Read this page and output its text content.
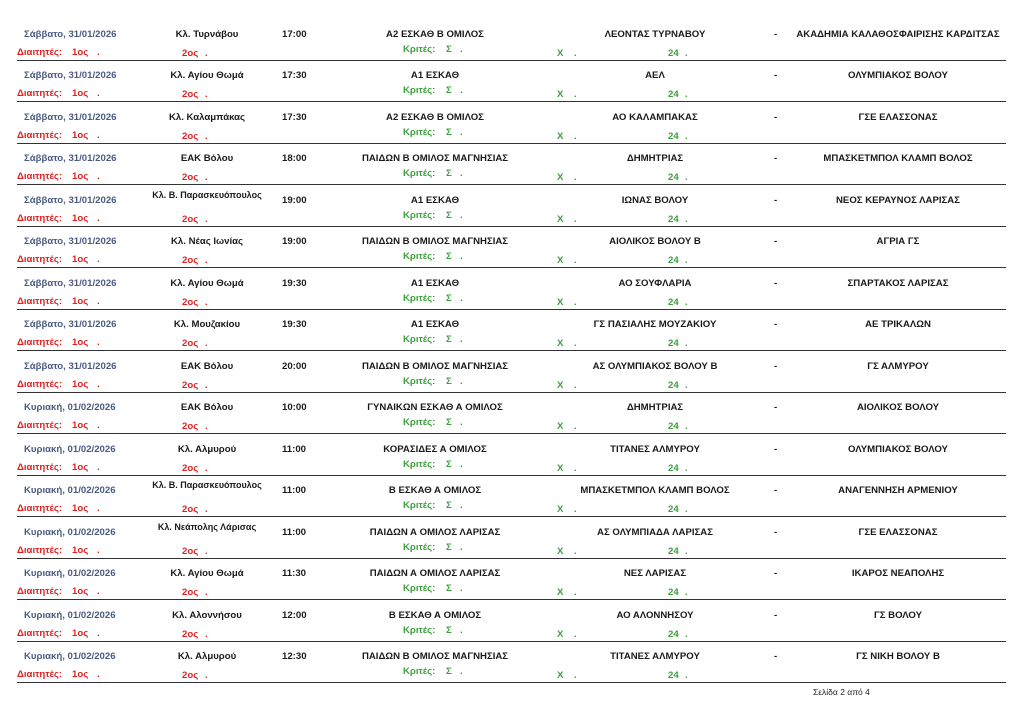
Σάββατο, 31/01/2026	Κλ. Τυρνάβου	17:00	Α2 ΕΣΚΑΘ Β ΟΜΙΛΟΣ	ΛΕΟΝΤΑΣ ΤΥΡΝΑΒΟΥ	-	ΑΚΑΔΗΜΙΑ ΚΑΛΑΘΟΣΦΑΙΡΙΣΗΣ ΚΑΡΔΙΤΣΑΣ
Διαιτητές: 1ος .	2ος .	Κριτές: Σ .	Χ .	24 .
Σάββατο, 31/01/2026	Κλ. Αγίου Θωμά	17:30	Α1 ΕΣΚΑΘ	ΑΕΛ	-	ΟΛΥΜΠΙΑΚΟΣ ΒΟΛΟΥ
Διαιτητές: 1ος .	2ος .	Κριτές: Σ .	Χ .	24 .
Σάββατο, 31/01/2026	Κλ. Καλαμπάκας	17:30	Α2 ΕΣΚΑΘ Β ΟΜΙΛΟΣ	ΑΟ ΚΑΛΑΜΠΑΚΑΣ	-	ΓΣΕ ΕΛΑΣΣΟΝΑΣ
Διαιτητές: 1ος .	2ος .	Κριτές: Σ .	Χ .	24 .
Σάββατο, 31/01/2026	ΕΑΚ Βόλου	18:00	ΠΑΙΔΩΝ Β ΟΜΙΛΟΣ ΜΑΓΝΗΣΙΑΣ	ΔΗΜΗΤΡΙΑΣ	-	ΜΠΑΣΚΕΤΜΠΟΛ ΚΛΑΜΠ ΒΟΛΟΣ
Διαιτητές: 1ος .	2ος .	Κριτές: Σ .	Χ .	24 .
Σάββατο, 31/01/2026	Κλ. Β. Παρασκευόπουλος	19:00	Α1 ΕΣΚΑΘ	ΙΩΝΑΣ ΒΟΛΟΥ	-	ΝΕΟΣ ΚΕΡΑΥΝΟΣ ΛΑΡΙΣΑΣ
Διαιτητές: 1ος .	2ος .	Κριτές: Σ .	Χ .	24 .
Σάββατο, 31/01/2026	Κλ. Νέας Ιωνίας	19:00	ΠΑΙΔΩΝ Β ΟΜΙΛΟΣ ΜΑΓΝΗΣΙΑΣ	ΑΙΟΛΙΚΟΣ ΒΟΛΟΥ Β	-	ΑΓΡΙΑ ΓΣ
Διαιτητές: 1ος .	2ος .	Κριτές: Σ .	Χ .	24 .
Σάββατο, 31/01/2026	Κλ. Αγίου Θωμά	19:30	Α1 ΕΣΚΑΘ	ΑΟ ΣΟΥΦΛΑΡΙΑ	-	ΣΠΑΡΤΑΚΟΣ ΛΑΡΙΣΑΣ
Διαιτητές: 1ος .	2ος .	Κριτές: Σ .	Χ .	24 .
Σάββατο, 31/01/2026	Κλ. Μουζακίου	19:30	Α1 ΕΣΚΑΘ	ΓΣ ΠΑΣΙΑΛΗΣ ΜΟΥΖΑΚΙΟΥ	-	ΑΕ ΤΡΙΚΑΛΩΝ
Διαιτητές: 1ος .	2ος .	Κριτές: Σ .	Χ .	24 .
Σάββατο, 31/01/2026	ΕΑΚ Βόλου	20:00	ΠΑΙΔΩΝ Β ΟΜΙΛΟΣ ΜΑΓΝΗΣΙΑΣ	ΑΣ ΟΛΥΜΠΙΑΚΟΣ ΒΟΛΟΥ Β	-	ΓΣ ΑΛΜΥΡΟΥ
Διαιτητές: 1ος .	2ος .	Κριτές: Σ .	Χ .	24 .
Κυριακή, 01/02/2026	ΕΑΚ Βόλου	10:00	ΓΥΝΑΙΚΩΝ ΕΣΚΑΘ Α ΟΜΙΛΟΣ	ΔΗΜΗΤΡΙΑΣ	-	ΑΙΟΛΙΚΟΣ ΒΟΛΟΥ
Διαιτητές: 1ος .	2ος .	Κριτές: Σ .	Χ .	24 .
Κυριακή, 01/02/2026	Κλ. Αλμυρού	11:00	ΚΟΡΑΣΙΔΕΣ Α ΟΜΙΛΟΣ	ΤΙΤΑΝΕΣ ΑΛΜΥΡΟΥ	-	ΟΛΥΜΠΙΑΚΟΣ ΒΟΛΟΥ
Διαιτητές: 1ος .	2ος .	Κριτές: Σ .	Χ .	24 .
Κυριακή, 01/02/2026	Κλ. Β. Παρασκευόπουλος	11:00	Β ΕΣΚΑΘ Α ΟΜΙΛΟΣ	ΜΠΑΣΚΕΤΜΠΟΛ ΚΛΑΜΠ ΒΟΛΟΣ	-	ΑΝΑΓΕΝΝΗΣΗ ΑΡΜΕΝΙΟΥ
Διαιτητές: 1ος .	2ος .	Κριτές: Σ .	Χ .	24 .
Κυριακή, 01/02/2026	Κλ. Νεάπολης Λάρισας	11:00	ΠΑΙΔΩΝ Α ΟΜΙΛΟΣ ΛΑΡΙΣΑΣ	ΑΣ ΟΛΥΜΠΙΑΔΑ ΛΑΡΙΣΑΣ	-	ΓΣΕ ΕΛΑΣΣΟΝΑΣ
Διαιτητές: 1ος .	2ος .	Κριτές: Σ .	Χ .	24 .
Κυριακή, 01/02/2026	Κλ. Αγίου Θωμά	11:30	ΠΑΙΔΩΝ Α ΟΜΙΛΟΣ ΛΑΡΙΣΑΣ	ΝΕΣ ΛΑΡΙΣΑΣ	-	ΙΚΑΡΟΣ ΝΕΑΠΟΛΗΣ
Διαιτητές: 1ος .	2ος .	Κριτές: Σ .	Χ .	24 .
Κυριακή, 01/02/2026	Κλ. Αλοννήσου	12:00	Β ΕΣΚΑΘ Α ΟΜΙΛΟΣ	ΑΟ ΑΛΟΝΝΗΣΟΥ	-	ΓΣ ΒΟΛΟΥ
Διαιτητές: 1ος .	2ος .	Κριτές: Σ .	Χ .	24 .
Κυριακή, 01/02/2026	Κλ. Αλμυρού	12:30	ΠΑΙΔΩΝ Β ΟΜΙΛΟΣ ΜΑΓΝΗΣΙΑΣ	ΤΙΤΑΝΕΣ ΑΛΜΥΡΟΥ	-	ΓΣ ΝΙΚΗ ΒΟΛΟΥ Β
Διαιτητές: 1ος .	2ος .	Κριτές: Σ .	Χ .	24 .
Σελίδα 2 από 4
